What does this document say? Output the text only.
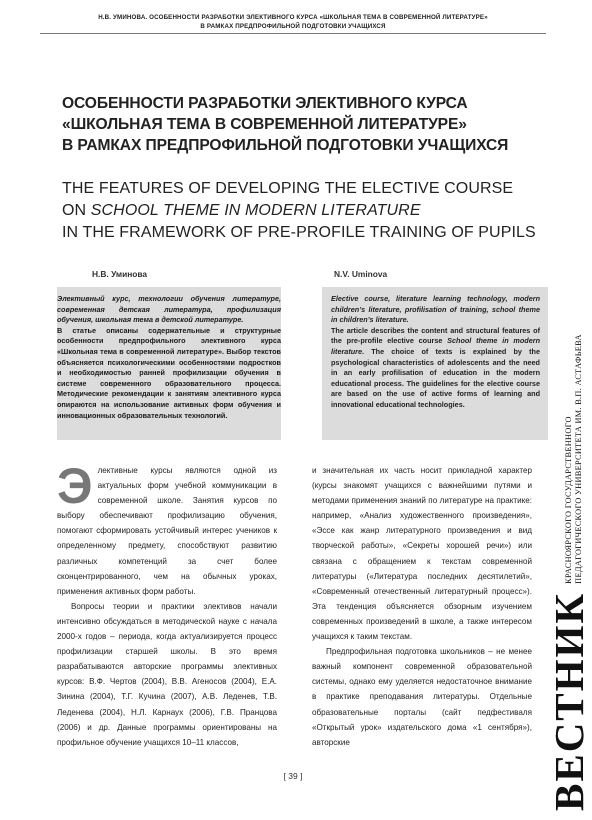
Н.В. УМИНОВА. ОСОБЕННОСТИ РАЗРАБОТКИ ЭЛЕКТИВНОГО КУРСА «ШКОЛЬНАЯ ТЕМА В СОВРЕМЕННОЙ ЛИТЕРАТУРЕ»
В РАМКАХ ПРЕДПРОФИЛЬНОЙ ПОДГОТОВКИ УЧАЩИХСЯ
ОСОБЕННОСТИ РАЗРАБОТКИ ЭЛЕКТИВНОГО КУРСА
«ШКОЛЬНАЯ ТЕМА В СОВРЕМЕННОЙ ЛИТЕРАТУРЕ»
В РАМКАХ ПРЕДПРОФИЛЬНОЙ ПОДГОТОВКИ УЧАЩИХСЯ
THE FEATURES OF DEVELOPING THE ELECTIVE COURSE
ON SCHOOL THEME IN MODERN LITERATURE
IN THE FRAMEWORK OF PRE-PROFILE TRAINING OF PUPILS
Н.В. Уминова	N.V. Uminova

Элективный курс, технологии обучения литературе, современная детская литература, профилизация обучения, школьная тема в детской литературе.

В статье описаны содержательные и структурные особенности предпрофильного элективного курса «Школьная тема в современной литературе». Выбор текстов объясняется психологическими особенностями подростков и необходимостью ранней профилизации обучения в системе современного образовательного процесса. Методические рекомендации к занятиям элективного курса опираются на использование активных форм обучения и инновационных образовательных технологий.

Elective course, literature learning technology, modern children’s literature, profilisation of training, school theme in children’s literature.

The article describes the content and structural features of the pre-profile elective course School theme in modern literature. The choice of texts is explained by the psychological characteristics of adolescents and the need in an early profilisation of education in the modern educational process. The guidelines for the elective course are based on the use of active forms of learning and innovational educational technologies.

Элективные курсы являются одной из актуальных форм учебной коммуникации в современной школе. Занятия курсов по выбору обеспечивают профилизацию обучения, помогают сформировать устойчивый интерес учеников к определенному предмету, способствуют развитию различных компетенций за счет более сконцентрированного, чем на обычных уроках, применения активных форм работы.

Вопросы теории и практики элективов начали интенсивно обсуждаться в методической науке с начала 2000-х годов – периода, когда актуализируется процесс профилизации старшей школы. В это время разрабатываются авторские программы элективных курсов: В.Ф. Чертов (2004), В.В. Агеносов (2004), Е.А. Зинина (2004), Т.Г. Кучина (2007), А.В. Леденев, Т.В. Леденева (2004), Н.Л. Карнаух (2006), Г.В. Пранцова (2006) и др. Данные программы ориентированы на профильное обучение учащихся 10–11 классов,

и значительная их часть носит прикладной характер (курсы знакомят учащихся с важнейшими путями и методами применения знаний по литературе на практике: например, «Анализ художественного произведения», «Эссе как жанр литературного произведения и вид творческой работы», «Секреты хорошей речи») или связана с обращением к текстам современной литературы («Литература последних десятилетий», «Современный отечественный литературный процесс»). Эта тенденция объясняется обзорным изучением современных произведений в школе, а также интересом учащихся к таким текстам.

Предпрофильная подготовка школьников – не менее важный компонент современной образовательной системы, однако ему уделяется недостаточное внимание в практике преподавания литературы. Отдельные образовательные порталы (сайт педфестиваля «Открытый урок» издательского дома «1 сентября»), авторские

[ 39 ]	ВЕСТНИК
КРАСНОЯРСКОГО ГОСУДАРСТВЕННОГО
ПЕДАГОГИЧЕСКОГО УНИВЕРСИТЕТА ИМ. В.П. АСТАФЬЕВА
